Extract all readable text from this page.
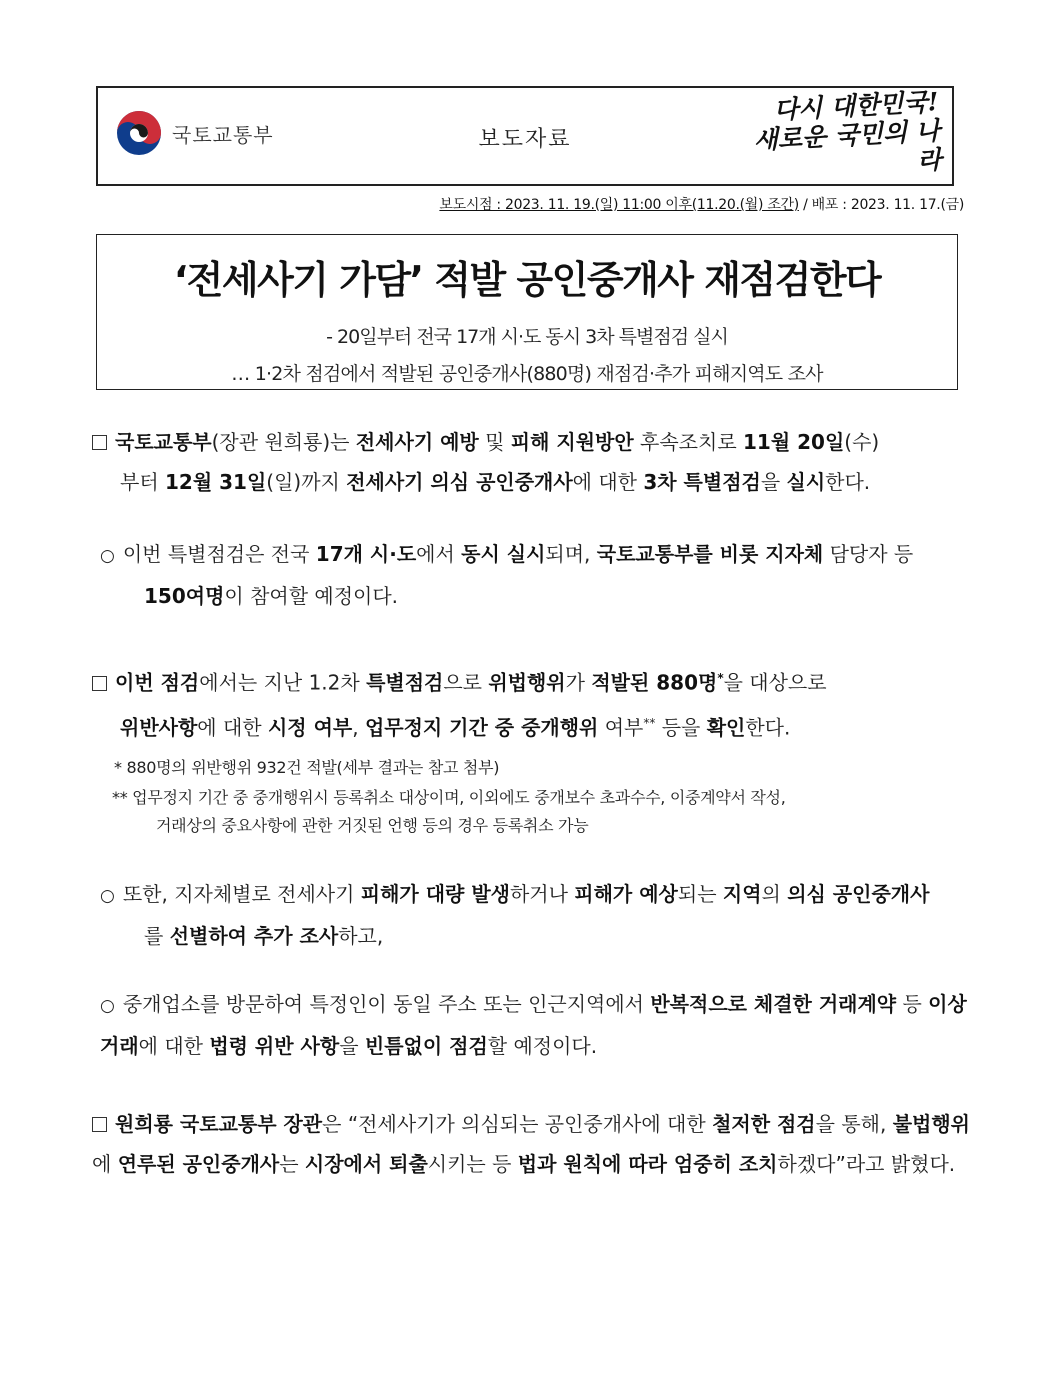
국토교통부	보도자료
다시 대한민국!
새로운 국민의 나라
보도시점 : 2023. 11. 19.(일) 11:00 이후(11.20.(월) 조간) / 배포 : 2023. 11. 17.(금)
‘전세사기 가담’ 적발 공인중개사 재점검한다
- 20일부터 전국 17개 시·도 동시 3차 특별점검 실시
… 1·2차 점검에서 적발된 공인중개사(880명) 재점검·추가 피해지역도 조사
국토교통부(장관 원희룡)는 전세사기 예방 및 피해 지원방안 후속조치로 11월 20일(수)
부터 12월 31일(일)까지 전세사기 의심 공인중개사에 대한 3차 특별점검을 실시한다.
○ 이번 특별점검은 전국 17개 시·도에서 동시 실시되며, 국토교통부를 비롯 지자체 담당자 등
150여명이 참여할 예정이다.
이번 점검에서는 지난 1.2차 특별점검으로 위법행위가 적발된 880명*을 대상으로
위반사항에 대한 시정 여부, 업무정지 기간 중 중개행위 여부** 등을 확인한다.
* 880명의 위반행위 932건 적발(세부 결과는 참고 첨부)
** 업무정지 기간 중 중개행위시 등록취소 대상이며, 이외에도 중개보수 초과수수, 이중계약서 작성,
거래상의 중요사항에 관한 거짓된 언행 등의 경우 등록취소 가능
○ 또한, 지자체별로 전세사기 피해가 대량 발생하거나 피해가 예상되는 지역의 의심 공인중개사
를 선별하여 추가 조사하고,
○ 중개업소를 방문하여 특정인이 동일 주소 또는 인근지역에서 반복적으로 체결한 거래계약 등 이상 거래에 대한 법령 위반 사항을 빈틈없이 점검할 예정이다.
원희룡 국토교통부 장관은 “전세사기가 의심되는 공인중개사에 대한 철저한 점검을 통해, 불법행위에 연루된 공인중개사는 시장에서 퇴출시키는 등 법과 원칙에 따라 엄중히 조치하겠다”라고 밝혔다.
